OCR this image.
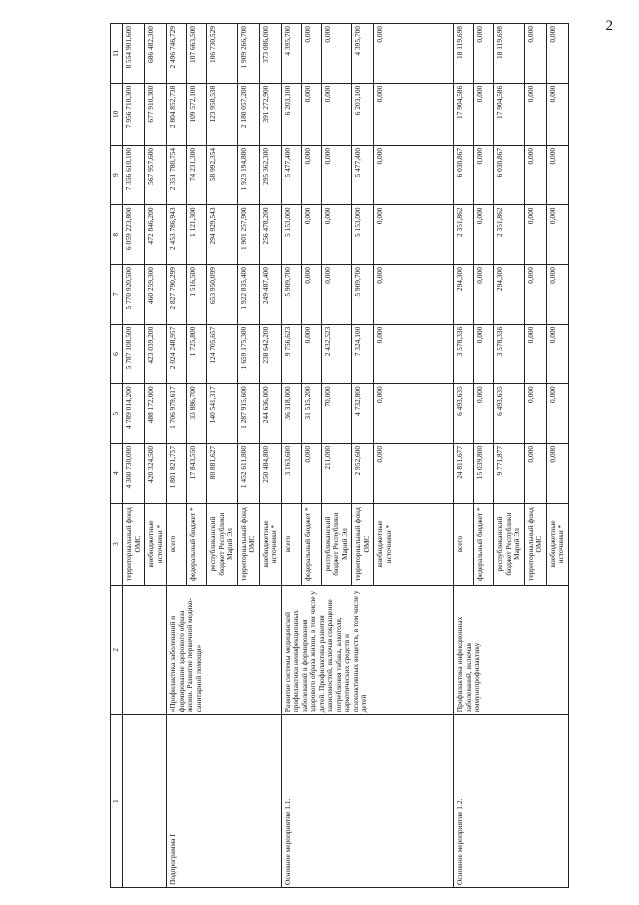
2
1	2	3	4	5	6	7	8	9	10	11
		территориальный фонд ОМС	4 300 730,000	4 789 014,200	5 787 108,500	5 770 920,500	6 059 223,800	7 356 610,100	7 956 710,300	8 554 901,600
		внебюджетные источники *	420 324,500	488 172,000	423 039,200	460 259,300	472 846,200	567 957,600	677 910,300	686 482,300
Подпрограмма I	«Профилактика заболеваний и формирование здорового образа жизни. Развитие первичной медико-санитарной помощи»	всего	1 801 821,757	1 706 979,617	2 024 248,957	2 827 790,299	2 453 786,943	2 351 780,754	2 804 852,738	2 496 746,729
		федеральный бюджет *	17 843,550	33 886,700	1 725,800	1 516,500	1 121,300	74 231,300	109 572,100	107 663,500
		республиканский бюджет Республики Марий Эл	80 881,627	140 541,317	124 705,657	653 950,099	294 929,543	58 992,354	123 950,538	106 730,529
		территориальный фонд ОМС	1 452 611,800	1 287 915,600	1 659 175,300	1 922 835,400	1 901 257,900	1 923 194,800	2 180 057,200	1 909 266,700
		внебюджетные источники *	250 484,800	244 636,000	238 642,200	249 487,400	256 478,200	295 362,300	391 272,900	373 086,000
Основное мероприятие 1.1.	Развитие системы медицинской профилактики неинфекционных заболеваний и формирования здорового образа жизни, в том числе у детей. Профилактика развития зависимостей, включая сокращение потребления табака, алкоголя, наркотических средств и психоактивных веществ, в том числе у детей	всего	3 163,600	36 318,000	9 756,623	5 909,700	5 153,000	5 477,400	6 203,100	4 395,700
		федеральный бюджет *	0,000	31 515,200	0,000	0,000	0,000	0,000	0,000	0,000
		республиканский бюджет Республики Марий Эл	211,000	70,000	2 432,523	0,000	0,000	0,000	0,000	0,000
		территориальный фонд ОМС	2 952,600	4 732,800	7 324,100	5 909,700	5 153,000	5 477,400	6 203,100	4 395,700
		внебюджетные источники *	0,000	0,000	0,000	0,000	0,000	0,000	0,000	0,000
Основное мероприятие 1.2.	Профилактика инфекционных заболеваний, включая иммунопрофилактику	всего	24 811,677	6 493,635	3 578,336	294,300	2 351,862	6 030,867	17 904,586	18 119,698
		федеральный бюджет *	15 039,800	0,000	0,000	0,000	0,000	0,000	0,000	0,000
		республиканский бюджет Республики Марий Эл	9 771,877	6 493,635	3 578,336	294,300	2 351,862	6 030,867	17 904,586	18 119,698
		территориальный фонд ОМС	0,000	0,000	0,000	0,000	0,000	0,000	0,000	0,000
		внебюджетные источники *	0,000	0,000	0,000	0,000	0,000	0,000	0,000	0,000
